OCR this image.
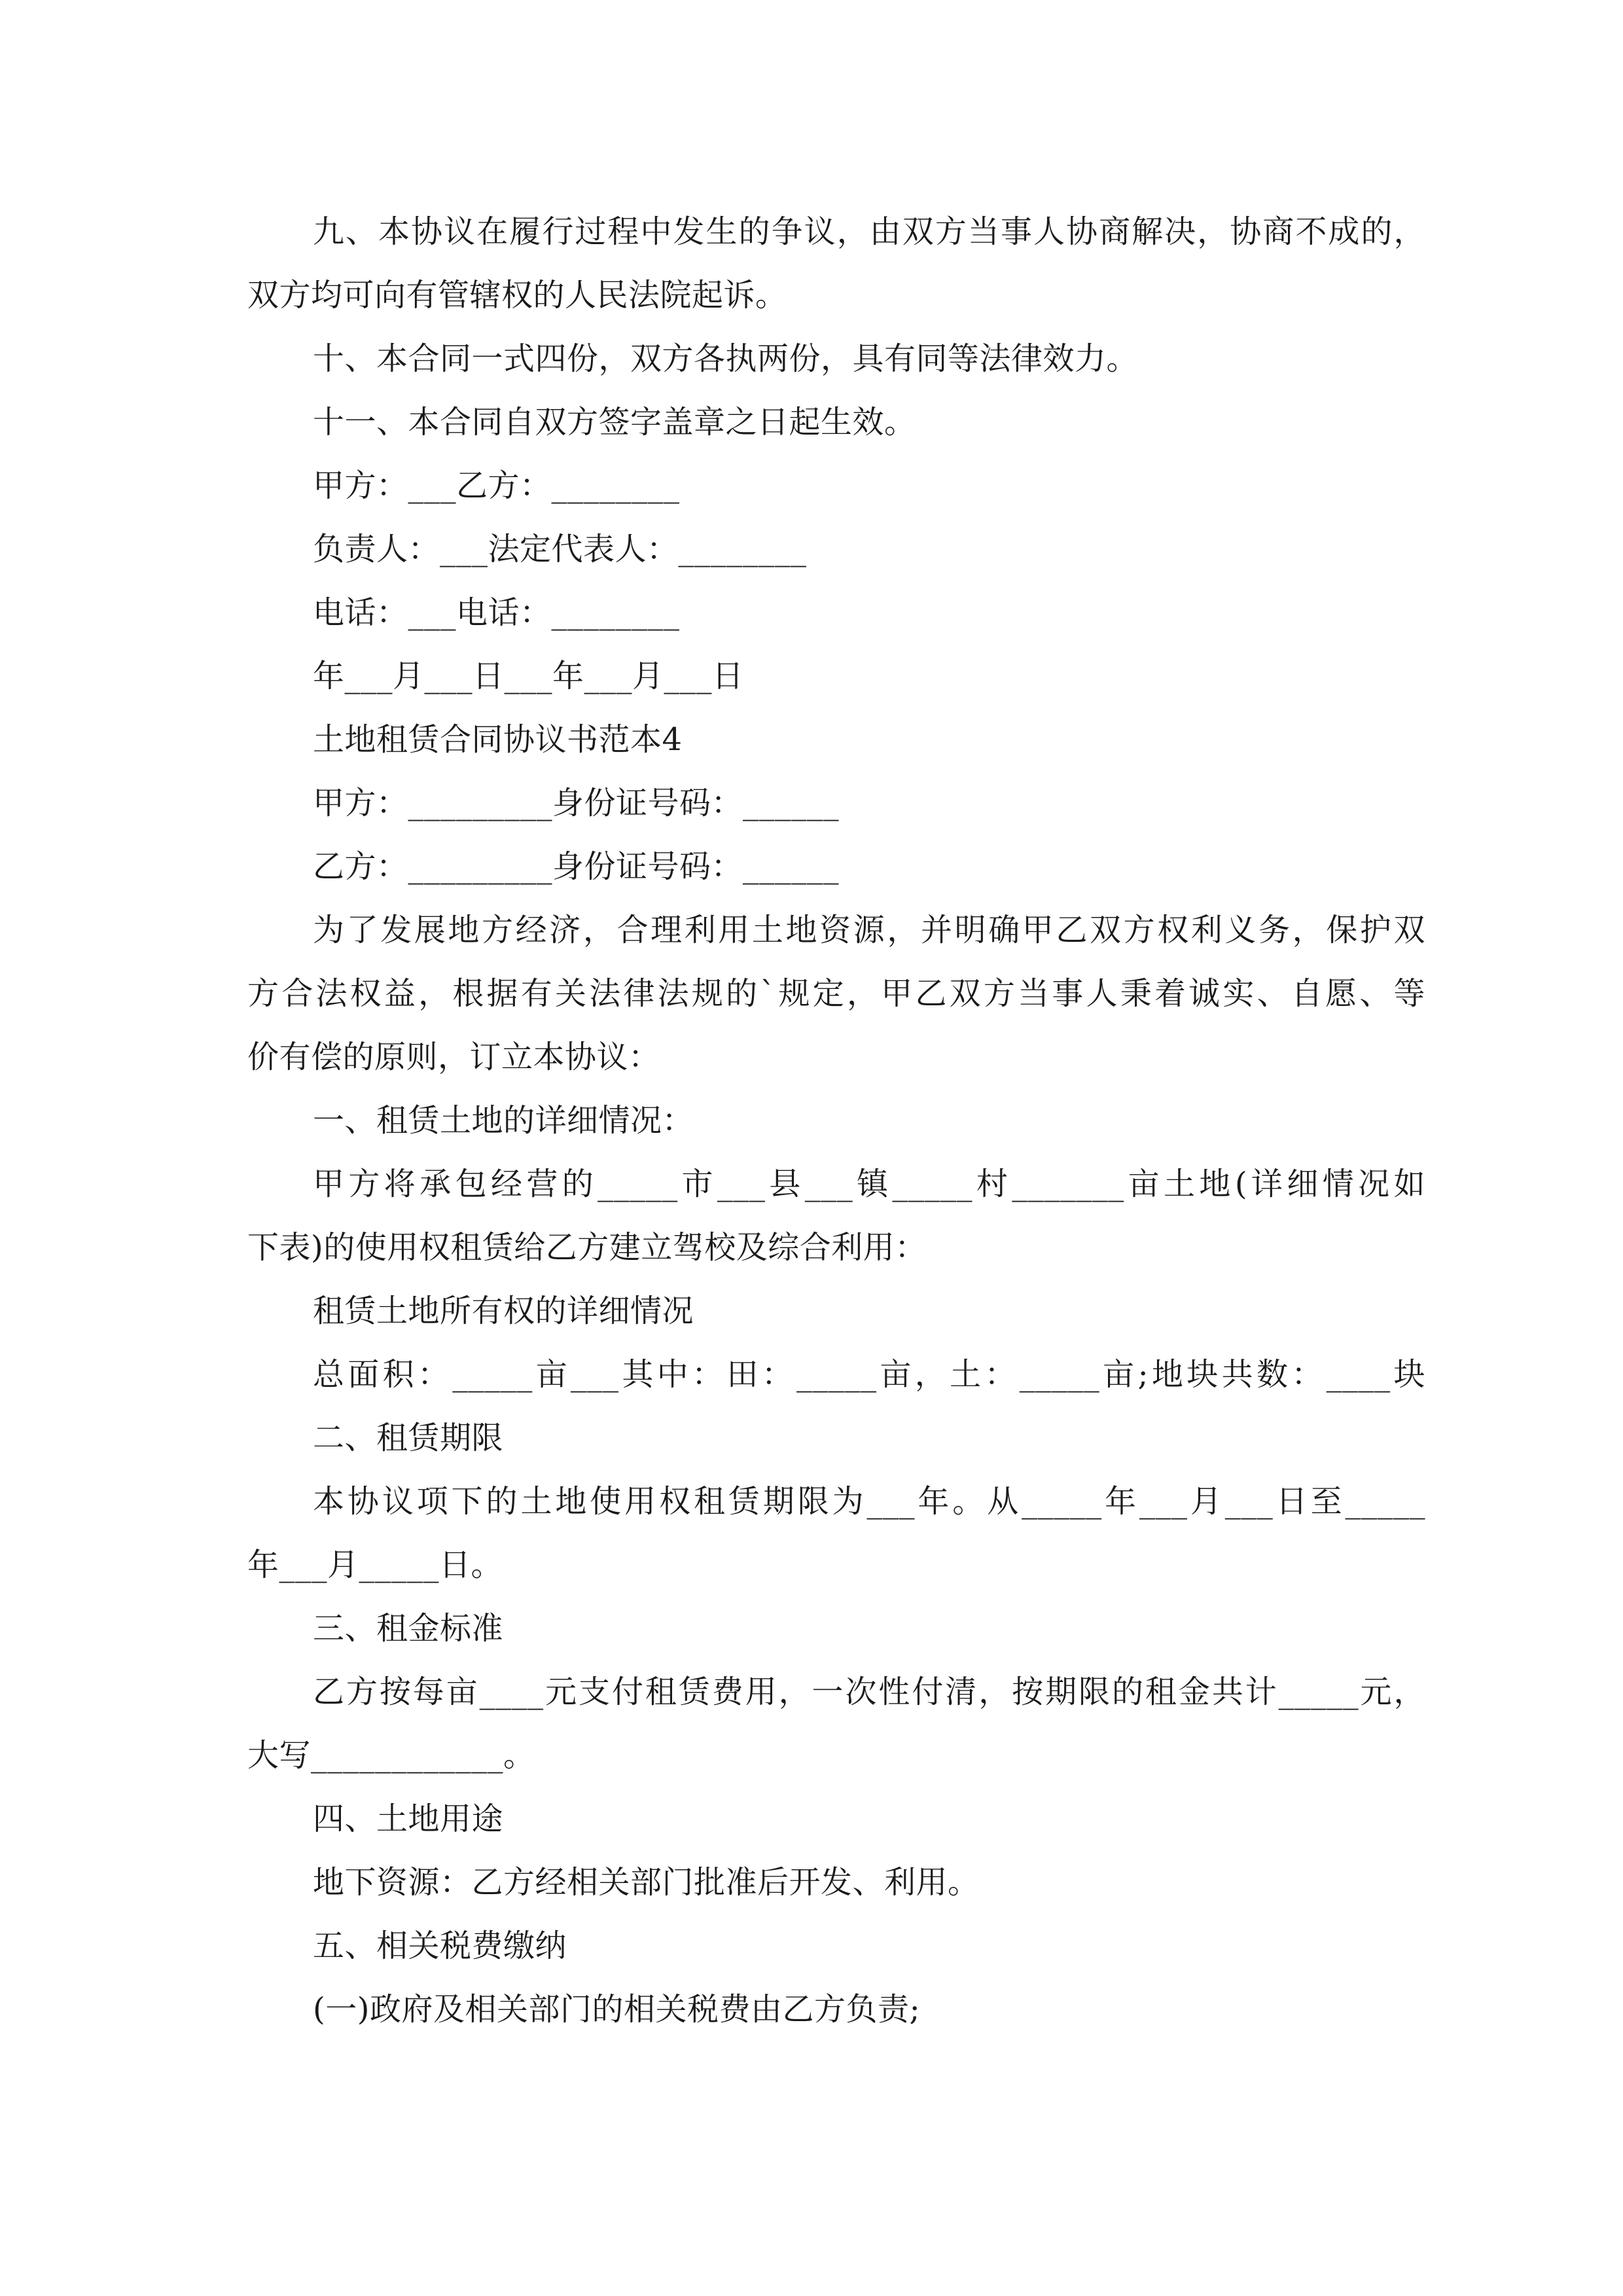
九、本协议在履行过程中发生的争议，由双方当事人协商解决，协商不成的，
双方均可向有管辖权的人民法院起诉。
十、本合同一式四份，双方各执两份，具有同等法律效力。
十一、本合同自双方签字盖章之日起生效。
甲方：___乙方：________
负责人：___法定代表人：________
电话：___电话：________
年___月___日___年___月___日
土地租赁合同协议书范本4
甲方：_________身份证号码：______
乙方：_________身份证号码：______
为了发展地方经济，合理利用土地资源，并明确甲乙双方权利义务，保护双
方合法权益，根据有关法律法规的`规定，甲乙双方当事人秉着诚实、自愿、等
价有偿的原则，订立本协议：
一、租赁土地的详细情况：
甲方将承包经营的_____市___县___镇_____村_______亩土地(详细情况如
下表)的使用权租赁给乙方建立驾校及综合利用：
租赁土地所有权的详细情况
总面积：_____亩___其中：田：_____亩，土：_____亩;地块共数：____块
二、租赁期限
本协议项下的土地使用权租赁期限为___年。从_____年___月___日至_____
年___月_____日。
三、租金标准
乙方按每亩____元支付租赁费用，一次性付清，按期限的租金共计_____元，
大写____________。
四、土地用途
地下资源：乙方经相关部门批准后开发、利用。
五、相关税费缴纳
(一)政府及相关部门的相关税费由乙方负责;
